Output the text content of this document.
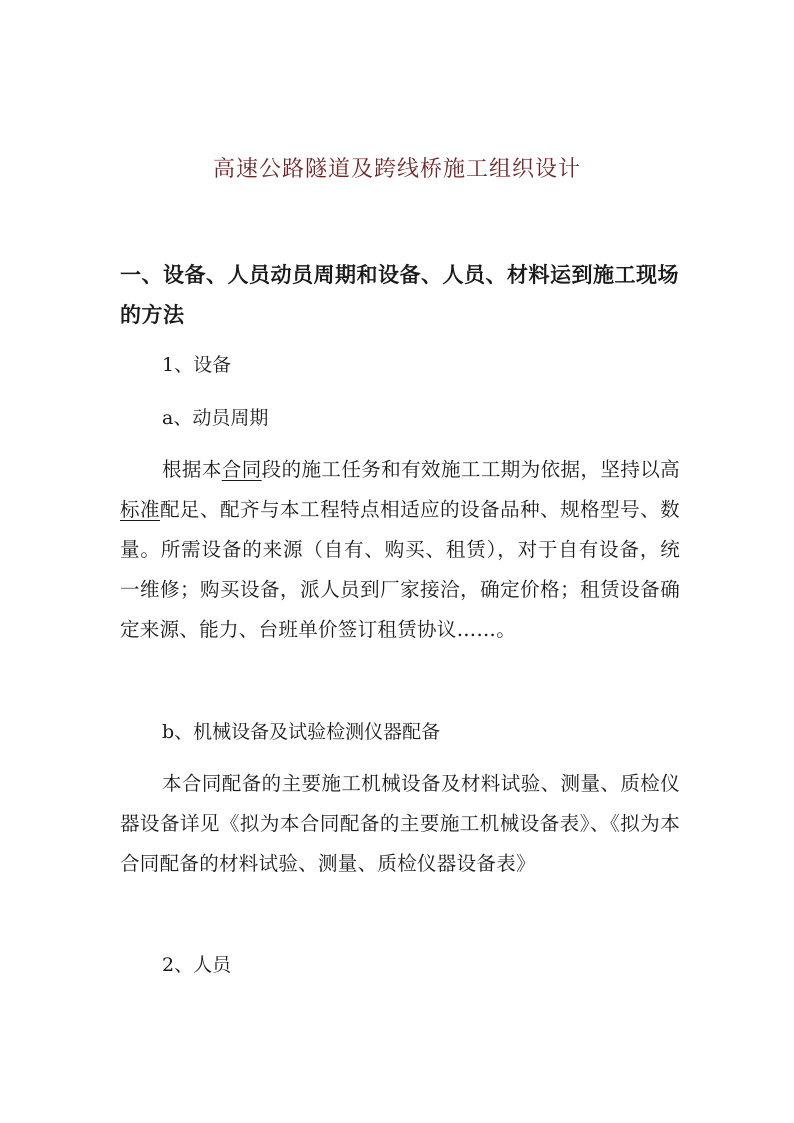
高速公路隧道及跨线桥施工组织设计
一、设备、人员动员周期和设备、人员、材料运到施工现场的方法

1、设备

a、动员周期

根据本合同段的施工任务和有效施工工期为依据，坚持以高标准配足、配齐与本工程特点相适应的设备品种、规格型号、数量。所需设备的来源（自有、购买、租赁），对于自有设备，统一维修；购买设备，派人员到厂家接洽，确定价格；租赁设备确定来源、能力、台班单价签订租赁协议……。

b、机械设备及试验检测仪器配备

本合同配备的主要施工机械设备及材料试验、测量、质检仪器设备详见《拟为本合同配备的主要施工机械设备表》、《拟为本合同配备的材料试验、测量、质检仪器设备表》

2、人员
